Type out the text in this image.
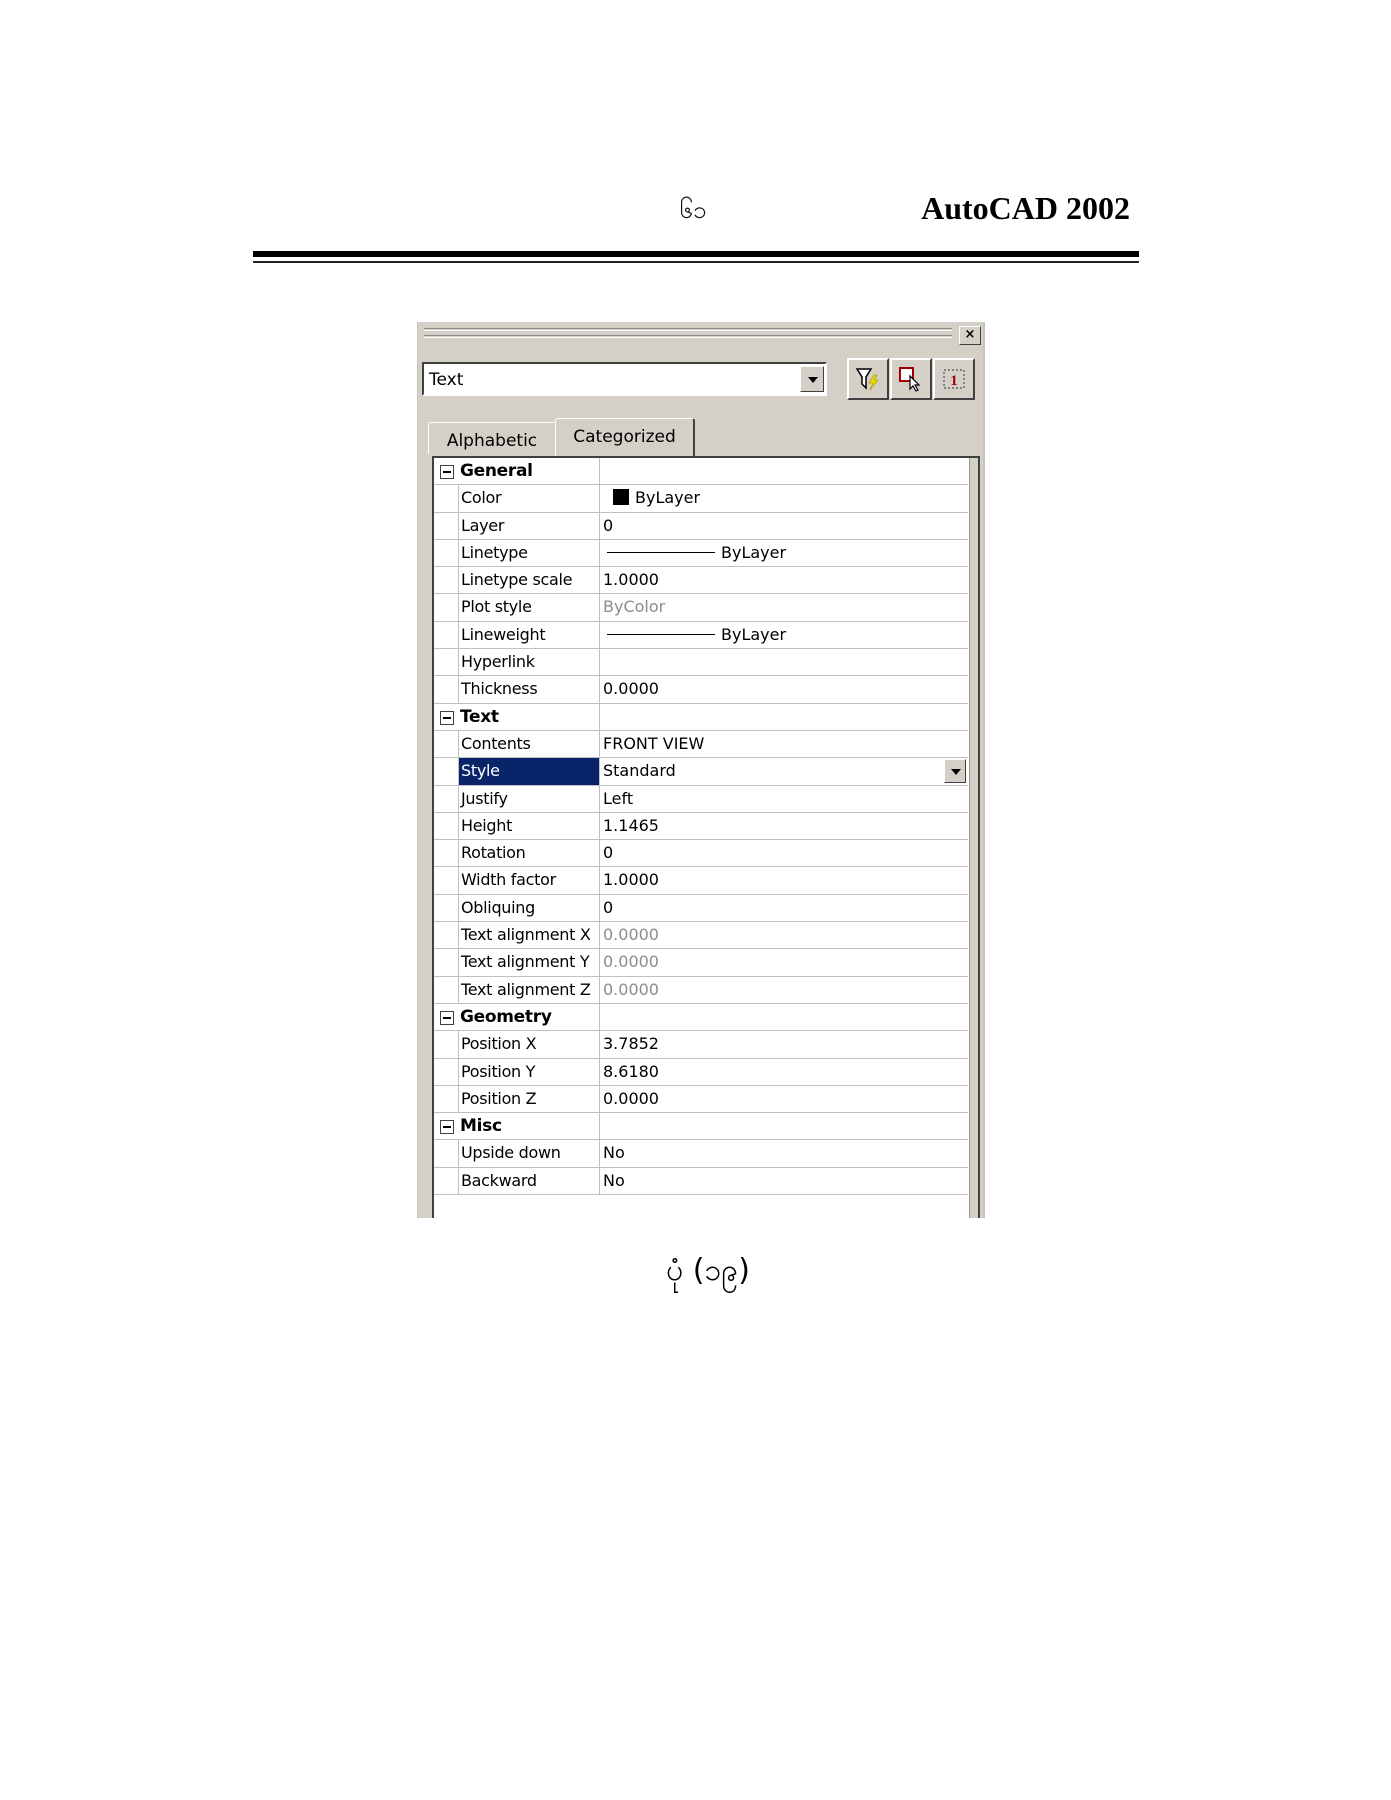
၆၁	AutoCAD 2002
×
Text	1
Alphabetic	Categorized
General
Color	ByLayer
Layer	0
Linetype	ByLayer
Linetype scale	1.0000
Plot style	ByColor
Lineweight	ByLayer
Hyperlink
Thickness	0.0000
Text
Contents	FRONT VIEW
Style	Standard
Justify	Left
Height	1.1465
Rotation	0
Width factor	1.0000
Obliquing	0
Text alignment X 0.0000
Text alignment Y 0.0000
Text alignment Z 0.0000
Geometry
Position X	3.7852
Position Y	8.6180
Position Z	0.0000
Misc
Upside down	No
Backward	No
ပုံ (၁၉)
